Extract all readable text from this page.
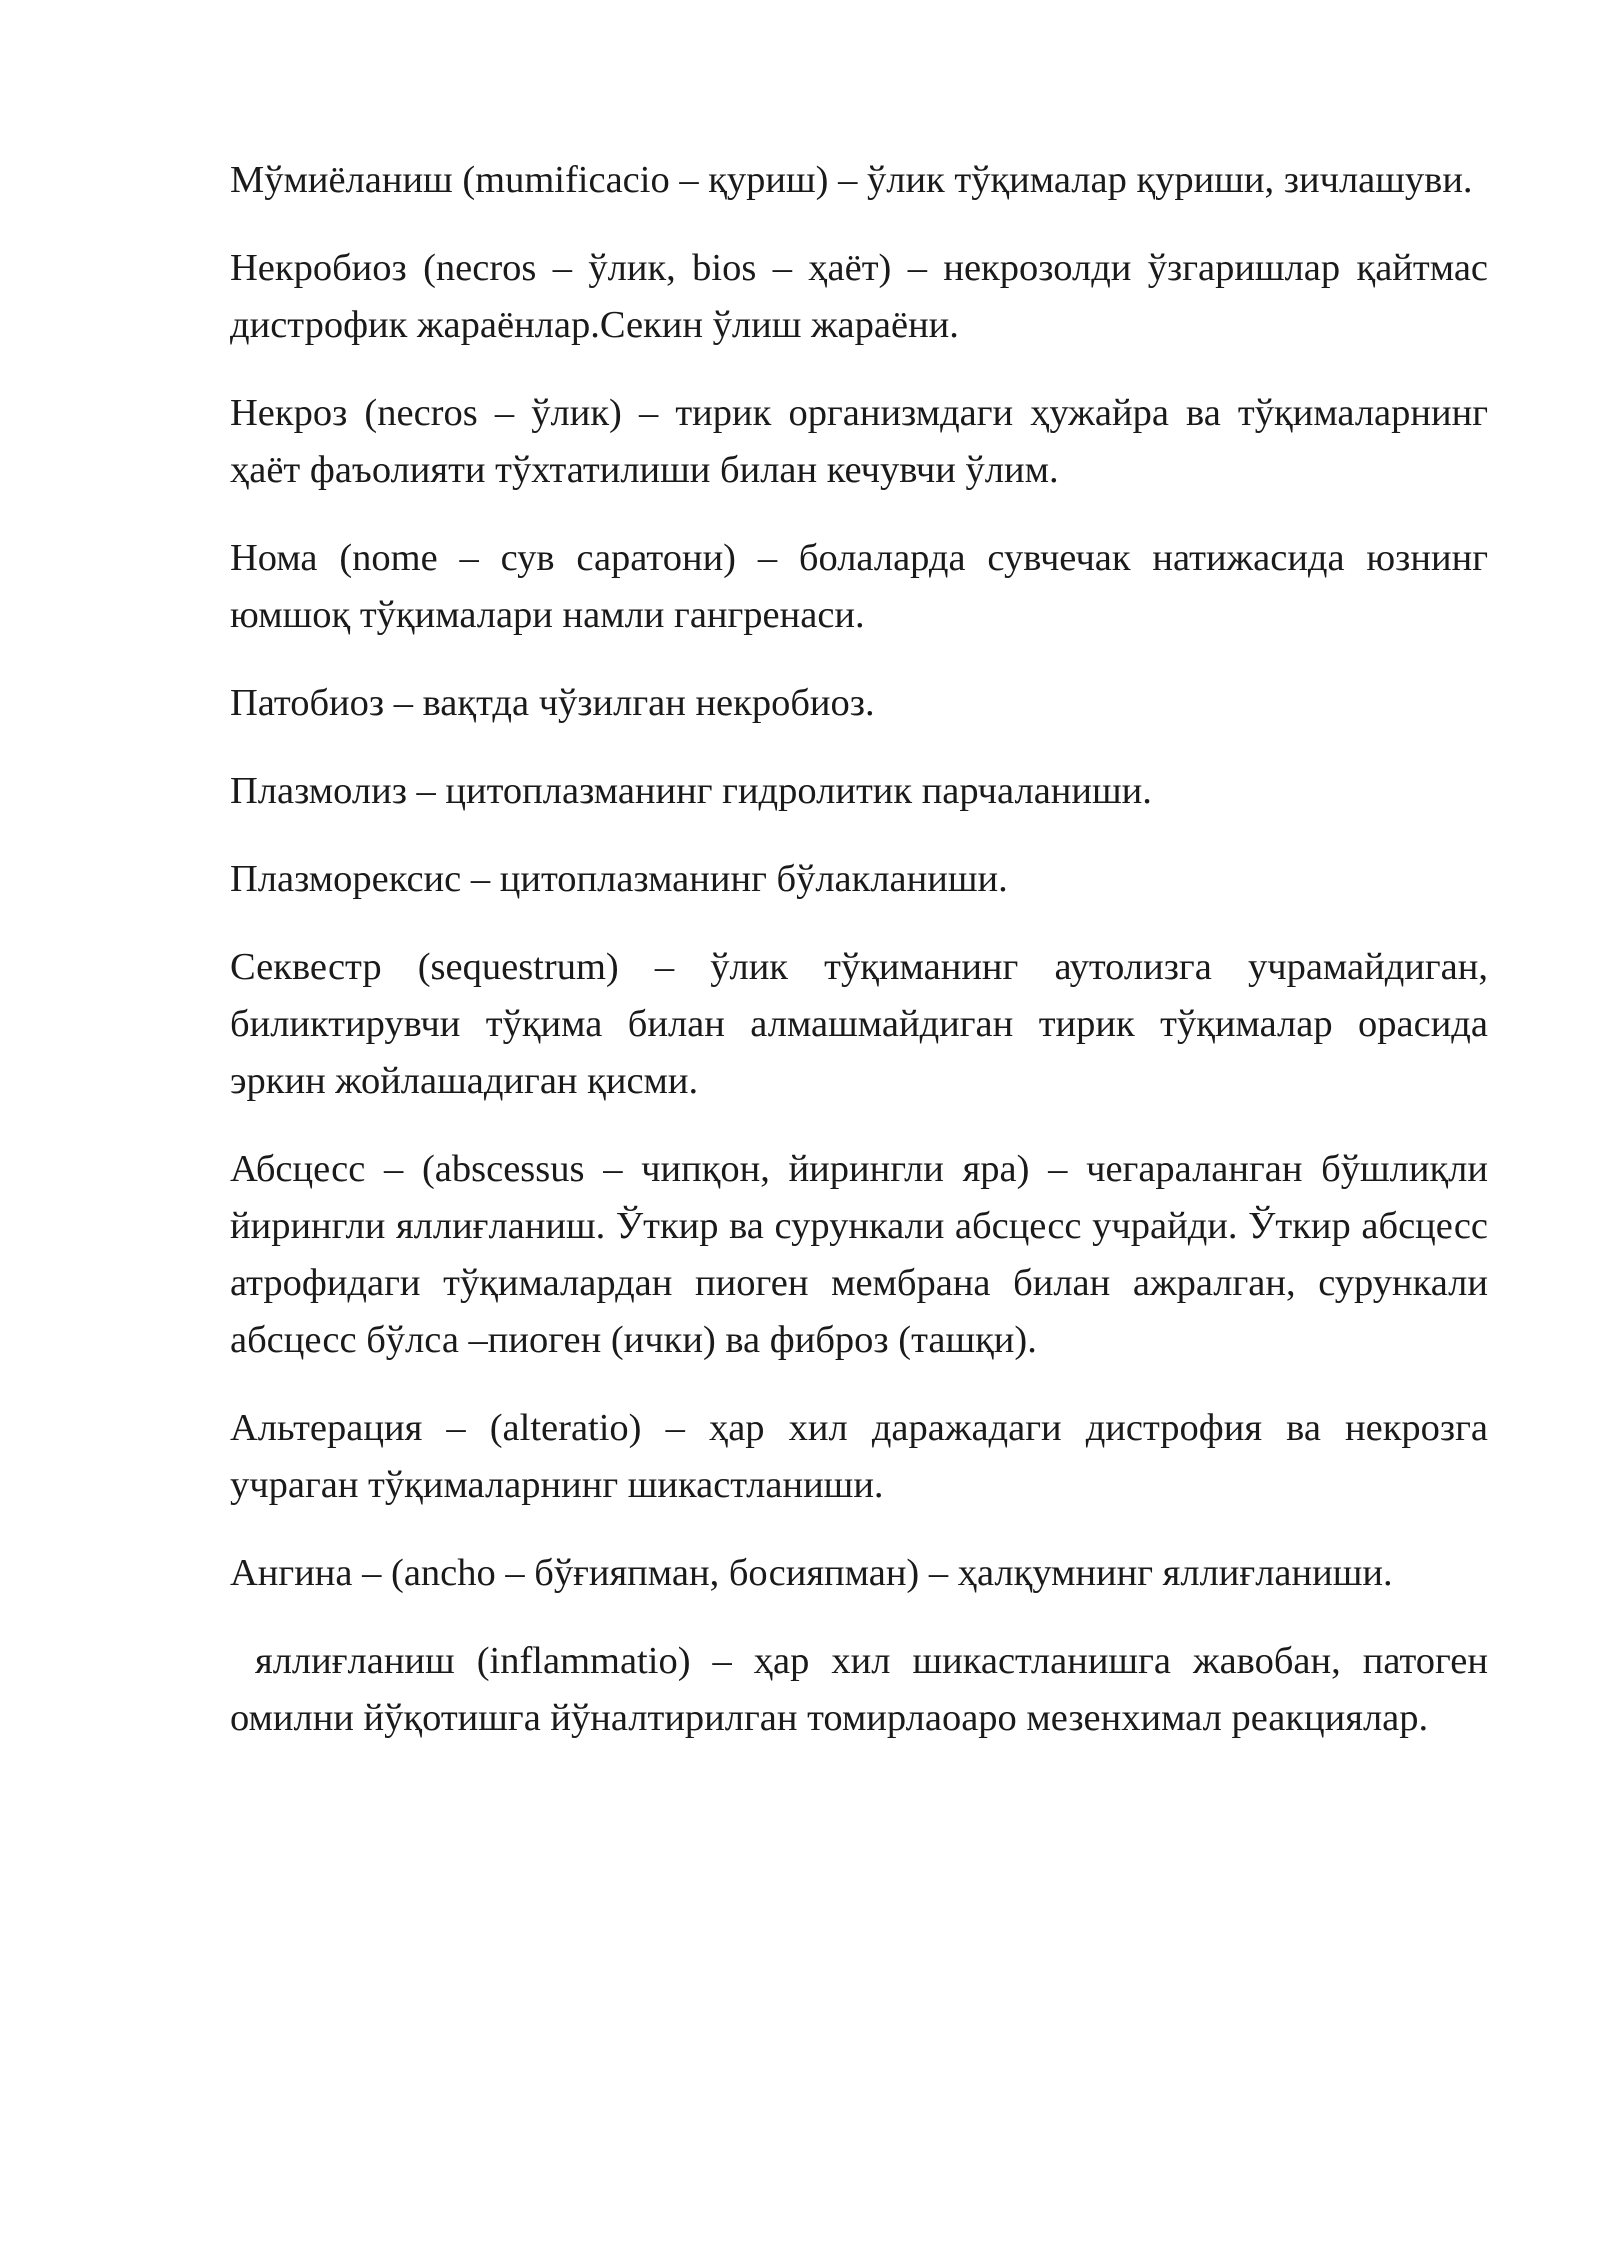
Мўмиёланиш (mumificacio – қуриш) – ўлик тўқималар қуриши, зичлашуви.

Некробиоз (necros – ўлик, bios – ҳаёт) – некрозолди ўзгаришлар қайтмас дистрофик жараёнлар.Секин ўлиш жараёни.

Некроз (necros – ўлик) – тирик организмдаги ҳужайра ва тўқималарнинг ҳаёт фаъолияти тўхтатилиши билан кечувчи ўлим.

Нома (nome – сув саратони) – болаларда сувчечак натижасида юзнинг юмшоқ тўқималари намли гангренаси.

Патобиоз – вақтда чўзилган некробиоз.

Плазмолиз – цитоплазманинг гидролитик парчаланиши.

Плазморексис – цитоплазманинг бўлакланиши.

Секвестр (sequestrum) – ўлик тўқиманинг аутолизга учрамайдиган, биликтирувчи тўқима билан алмашмайдиган тирик тўқималар орасида эркин жойлашадиган қисми.

Абсцесс – (abscessus – чипқон, йирингли яра) – чегараланган бўшлиқли йирингли яллиғланиш. Ўткир ва сурункали абсцесс учрайди. Ўткир абсцесс атрофидаги тўқималардан пиоген мембрана билан ажралган, сурункали абсцесс бўлса –пиоген (ички) ва фиброз (ташқи).

Альтерация – (alteratio) – ҳар хил даражадаги дистрофия ва некрозга учраган тўқималарнинг шикастланиши.

Ангина – (ancho – бўғияпман, босияпман) – ҳалқумнинг яллиғланиши.

яллиғланиш (inflammatio) – ҳар хил шикастланишга жавобан, патоген омилни йўқотишга йўналтирилган томирлаоаро мезенхимал реакциялар.
